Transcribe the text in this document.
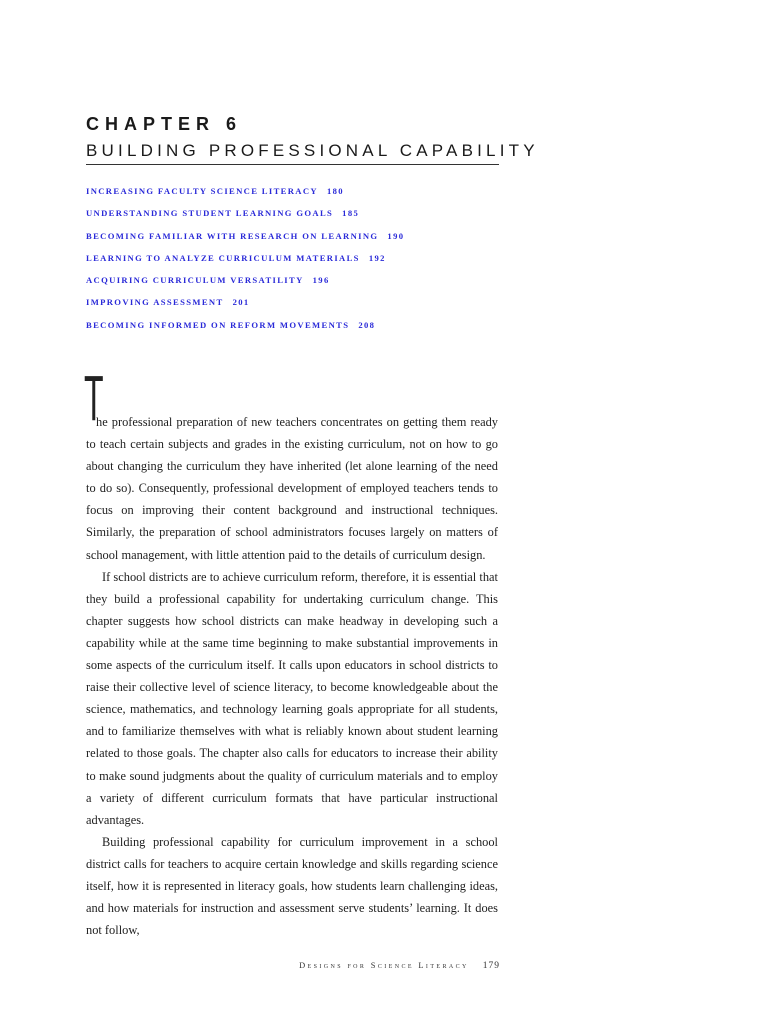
CHAPTER 6
BUILDING PROFESSIONAL CAPABILITY
INCREASING FACULTY SCIENCE LITERACY 180
UNDERSTANDING STUDENT LEARNING GOALS 185
BECOMING FAMILIAR WITH RESEARCH ON LEARNING 190
LEARNING TO ANALYZE CURRICULUM MATERIALS 192
ACQUIRING CURRICULUM VERSATILITY 196
IMPROVING ASSESSMENT 201
BECOMING INFORMED ON REFORM MOVEMENTS 208
T

he professional preparation of new teachers concentrates on getting them ready to teach certain subjects and grades in the existing curriculum, not on how to go about changing the curriculum they have inherited (let alone learning of the need to do so). Consequently, professional development of employed teachers tends to focus on improving their content background and instructional techniques. Similarly, the preparation of school administrators focuses largely on matters of school management, with little attention paid to the details of curriculum design.

If school districts are to achieve curriculum reform, therefore, it is essential that they build a professional capability for undertaking curriculum change. This chapter suggests how school districts can make headway in developing such a capability while at the same time beginning to make substantial improvements in some aspects of the curriculum itself. It calls upon educators in school districts to raise their collective level of science literacy, to become knowledgeable about the science, mathematics, and technology learning goals appropriate for all students, and to familiarize themselves with what is reliably known about student learning related to those goals. The chapter also calls for educators to increase their ability to make sound judgments about the quality of curriculum materials and to employ a variety of different curriculum formats that have particular instructional advantages.

Building professional capability for curriculum improvement in a school district calls for teachers to acquire certain knowledge and skills regarding science itself, how it is represented in literacy goals, how students learn challenging ideas, and how materials for instruction and assessment serve students’ learning. It does not follow,

Designs for Science Literacy 179
